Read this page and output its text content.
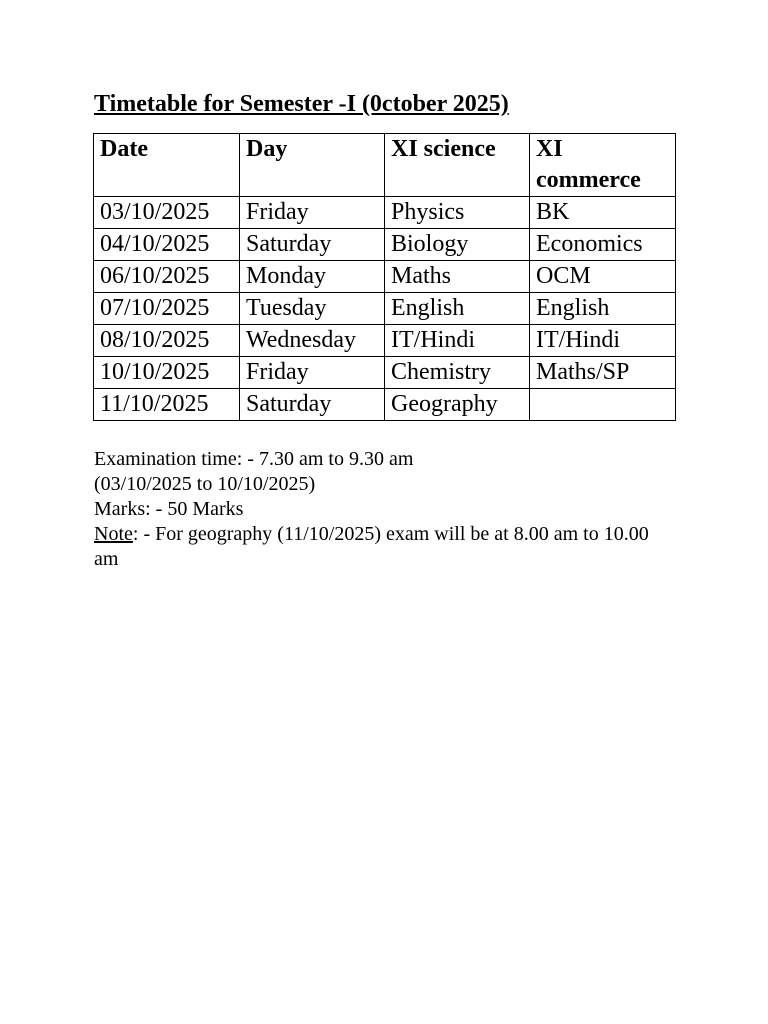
Timetable for Semester -I (0ctober 2025)
Date	Day	XI science	XI commerce
03/10/2025	Friday	Physics	BK
04/10/2025	Saturday	Biology	Economics
06/10/2025	Monday	Maths	OCM
07/10/2025	Tuesday	English	English
08/10/2025	Wednesday	IT/Hindi	IT/Hindi
10/10/2025	Friday	Chemistry	Maths/SP
11/10/2025	Saturday	Geography	

Examination time: - 7.30 am to 9.30 am

(03/10/2025 to 10/10/2025)

Marks: - 50 Marks

Note: - For geography (11/10/2025) exam will be at 8.00 am to 10.00 am
